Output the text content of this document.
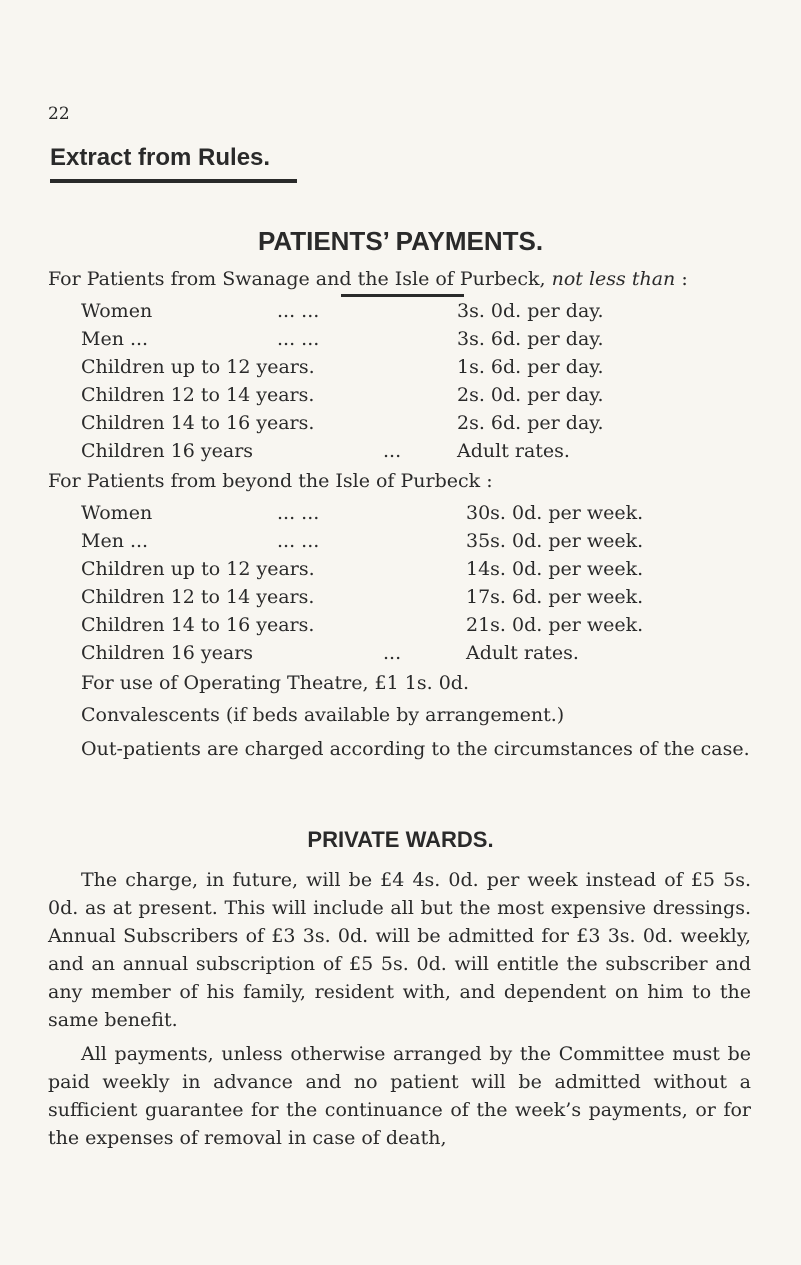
22
Extract from Rules.
PATIENTS’ PAYMENTS.
For Patients from Swanage and the Isle of Purbeck, not less than :
Women	... ...	3s. 0d. per day.
Men ...	... ...	3s. 6d. per day.
Children up to 12 years.	1s. 6d. per day.
Children 12 to 14 years.	2s. 0d. per day.
Children 14 to 16 years.	2s. 6d. per day.
Children 16 years	...	Adult rates.
For Patients from beyond the Isle of Purbeck :
Women	... ...	30s. 0d. per week.
Men ...	... ...	35s. 0d. per week.
Children up to 12 years.	14s. 0d. per week.
Children 12 to 14 years.	17s. 6d. per week.
Children 14 to 16 years.	21s. 0d. per week.
Children 16 years	...	Adult rates.
For use of Operating Theatre, £1 1s. 0d.
Convalescents (if beds available by arrangement.)
Out-patients are charged according to the circumstances of the case.
PRIVATE WARDS.
The charge, in future, will be £4 4s. 0d. per week instead of £5 5s. 0d. as at present. This will include all but the most expensive dressings. Annual Subscribers of £3 3s. 0d. will be admitted for £3 3s. 0d. weekly, and an annual subscription of £5 5s. 0d. will entitle the subscriber and any member of his family, resident with, and dependent on him to the same benefit.
All payments, unless otherwise arranged by the Committee must be paid weekly in advance and no patient will be admitted without a sufficient guarantee for the continuance of the week’s payments, or for the expenses of removal in case of death,
